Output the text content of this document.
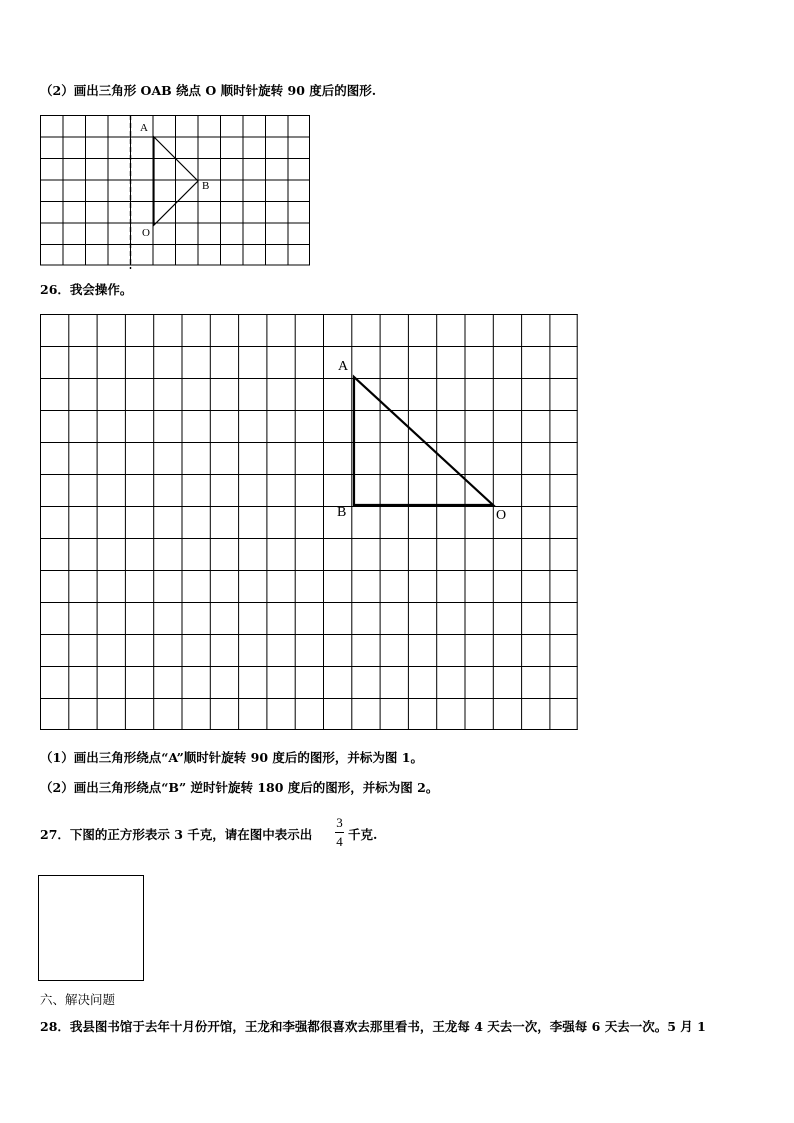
（2）画出三角形 OAB 绕点 O 顺时针旋转 90 度后的图形.
A
B
O
26．我会操作。
A
B	O
（1）画出三角形绕点“A”顺时针旋转 90 度后的图形，并标为图 1。
（2）画出三角形绕点“B” 逆时针旋转 180 度后的图形，并标为图 2。
27．下图的正方形表示 3 千克，请在图中表示出
3
4 千克.
六、解决问题
28．我县图书馆于去年十月份开馆，王龙和李强都很喜欢去那里看书，王龙每 4 天去一次，李强每 6 天去一次。5 月 1
